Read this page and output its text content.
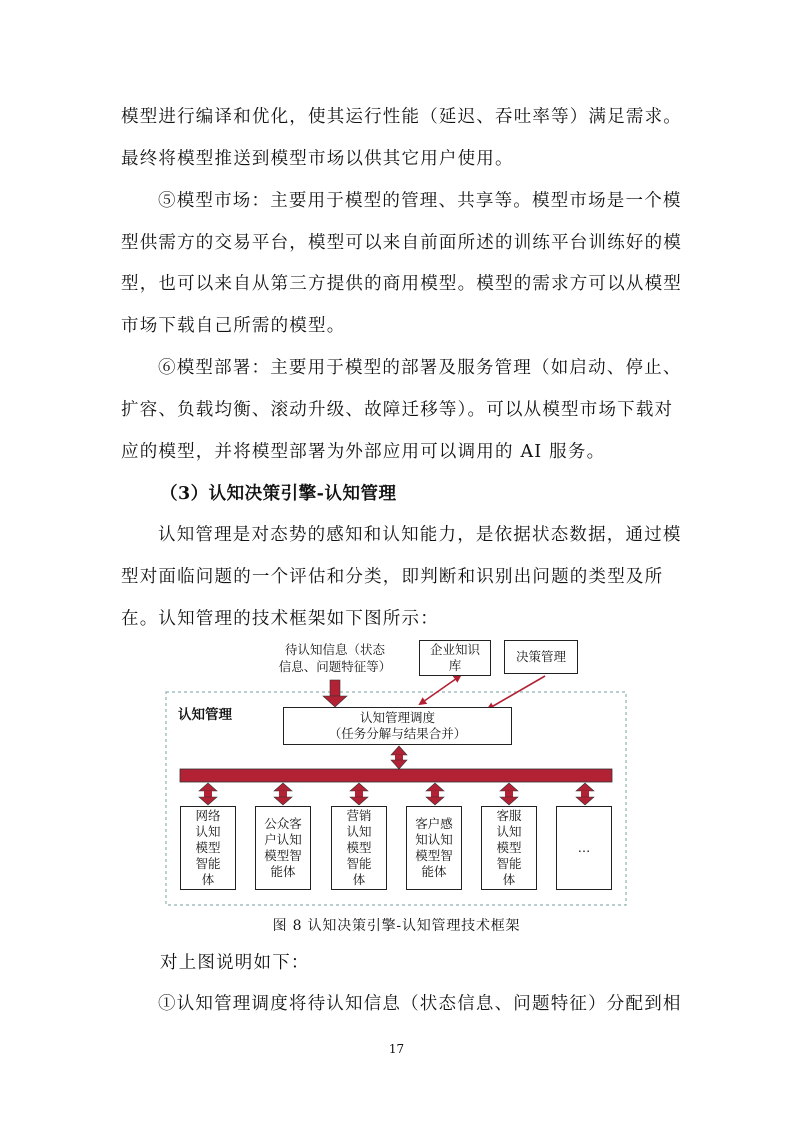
模型进行编译和优化，使其运行性能（延迟、吞吐率等）满足需求。
最终将模型推送到模型市场以供其它用户使用。
⑤模型市场：主要用于模型的管理、共享等。模型市场是一个模
型供需方的交易平台，模型可以来自前面所述的训练平台训练好的模
型，也可以来自从第三方提供的商用模型。模型的需求方可以从模型
市场下载自己所需的模型。
⑥模型部署：主要用于模型的部署及服务管理（如启动、停止、
扩容、负载均衡、滚动升级、故障迁移等）。可以从模型市场下载对
应的模型，并将模型部署为外部应用可以调用的 AI 服务。
（3）认知决策引擎-认知管理
认知管理是对态势的感知和认知能力，是依据状态数据，通过模
型对面临问题的一个评估和分类，即判断和识别出问题的类型及所
在。认知管理的技术框架如下图所示：
待认知信息（状态
信息、问题特征等）
企业知识
库
决策管理
认知管理	认知管理调度
（任务分解与结果合并）
网络
认知
模型
智能
体
公众客
户认知
模型智
能体
营销
认知
模型
智能
体
客户感
知认知
模型智
能体
客服
认知
模型
智能
体
…
图 8 认知决策引擎-认知管理技术框架
对上图说明如下：
①认知管理调度将待认知信息（状态信息、问题特征）分配到相
17
